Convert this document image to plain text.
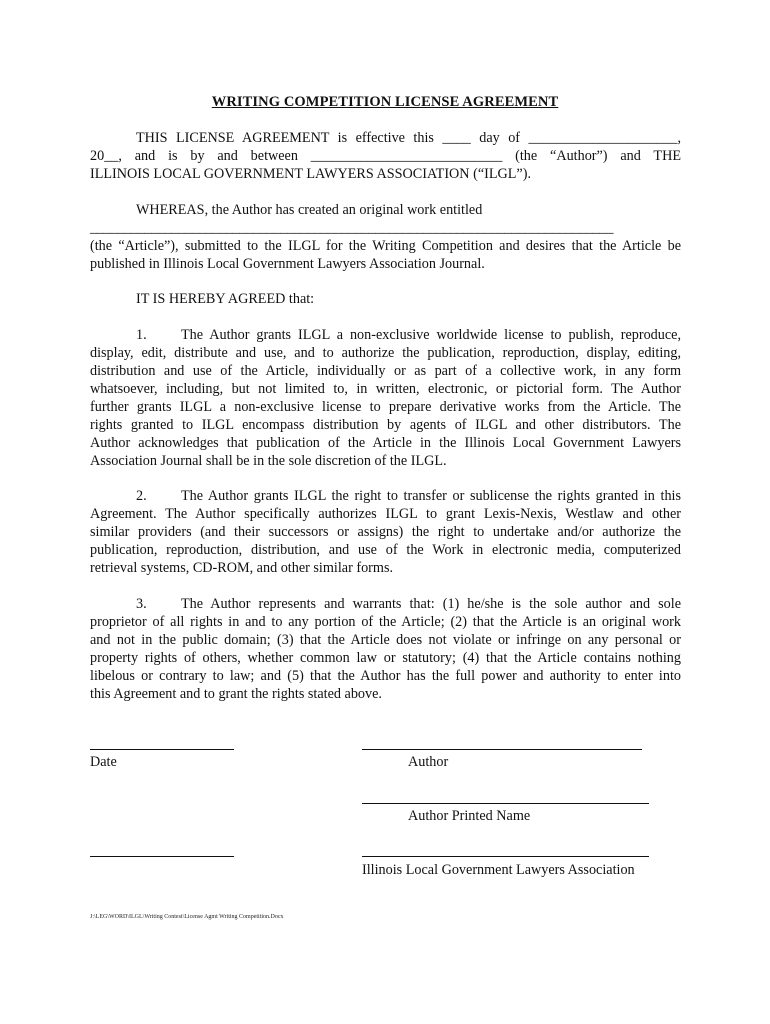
WRITING COMPETITION LICENSE AGREEMENT
THIS LICENSE AGREEMENT is effective this ____ day of _____________________,
20__, and is by and between ___________________________ (the “Author”) and THE
ILLINOIS LOCAL GOVERNMENT LAWYERS ASSOCIATION (“ILGL”).
WHEREAS, the Author has created an original work entitled
_____________________________________________________________________________
(the “Article”), submitted to the ILGL for the Writing Competition and desires that the Article be
published in Illinois Local Government Lawyers Association Journal.
IT IS HEREBY AGREED that:
1. The Author grants ILGL a non-exclusive worldwide license to publish, reproduce,
display, edit, distribute and use, and to authorize the publication, reproduction, display, editing,
distribution and use of the Article, individually or as part of a collective work, in any form
whatsoever, including, but not limited to, in written, electronic, or pictorial form. The Author
further grants ILGL a non-exclusive license to prepare derivative works from the Article. The
rights granted to ILGL encompass distribution by agents of ILGL and other distributors. The
Author acknowledges that publication of the Article in the Illinois Local Government Lawyers
Association Journal shall be in the sole discretion of the ILGL.
2. The Author grants ILGL the right to transfer or sublicense the rights granted in this
Agreement. The Author specifically authorizes ILGL to grant Lexis-Nexis, Westlaw and other
similar providers (and their successors or assigns) the right to undertake and/or authorize the
publication, reproduction, distribution, and use of the Work in electronic media, computerized
retrieval systems, CD-ROM, and other similar forms.
3. The Author represents and warrants that: (1) he/she is the sole author and sole
proprietor of all rights in and to any portion of the Article; (2) that the Article is an original work
and not in the public domain; (3) that the Article does not violate or infringe on any personal or
property rights of others, whether common law or statutory; (4) that the Article contains nothing
libelous or contrary to law; and (5) that the Author has the full power and authority to enter into
this Agreement and to grant the rights stated above.
Date	Author
Author Printed Name
Illinois Local Government Lawyers Association
J:\LEG\WORD\ILGL\Writing Contest\License Agmt Writing Competition.Docx
